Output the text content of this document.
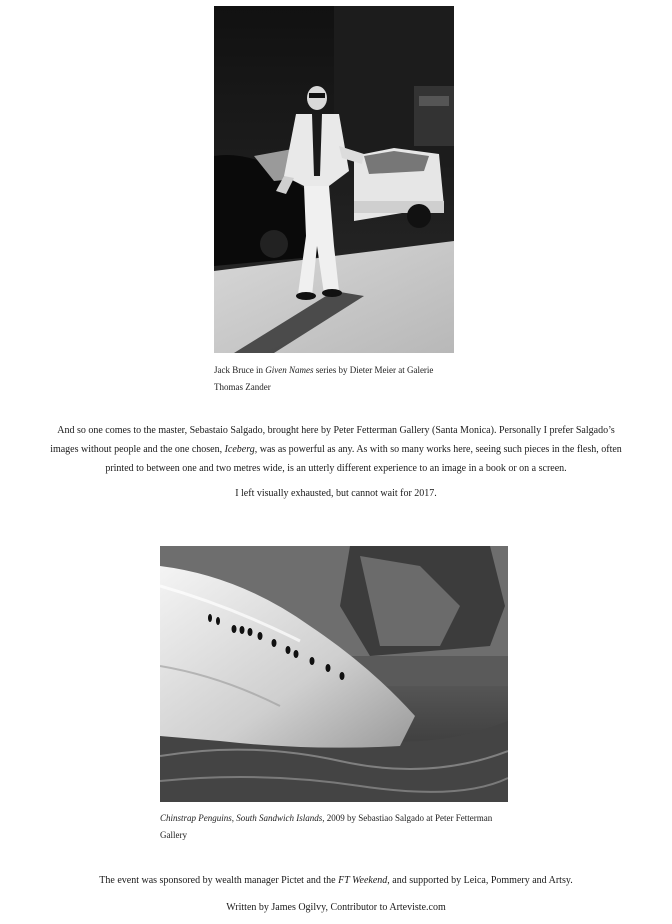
Jack Bruce in Given Names series by Dieter Meier at Galerie
Thomas Zander

And so one comes to the master, Sebastaio Salgado, brought here by Peter Fetterman Gallery (Santa Monica). Personally I prefer Salgado’s images without people and the one chosen, Iceberg, was as powerful as any. As with so many works here, seeing such pieces in the flesh, often printed to between one and two metres wide, is an utterly different experience to an image in a book or on a screen.

I left visually exhausted, but cannot wait for 2017.

Chinstrap Penguins, South Sandwich Islands, 2009 by Sebastiao Salgado at Peter Fetterman
Gallery

The event was sponsored by wealth manager Pictet and the FT Weekend, and supported by Leica, Pommery and Artsy.

Written by James Ogilvy, Contributor to Arteviste.com
